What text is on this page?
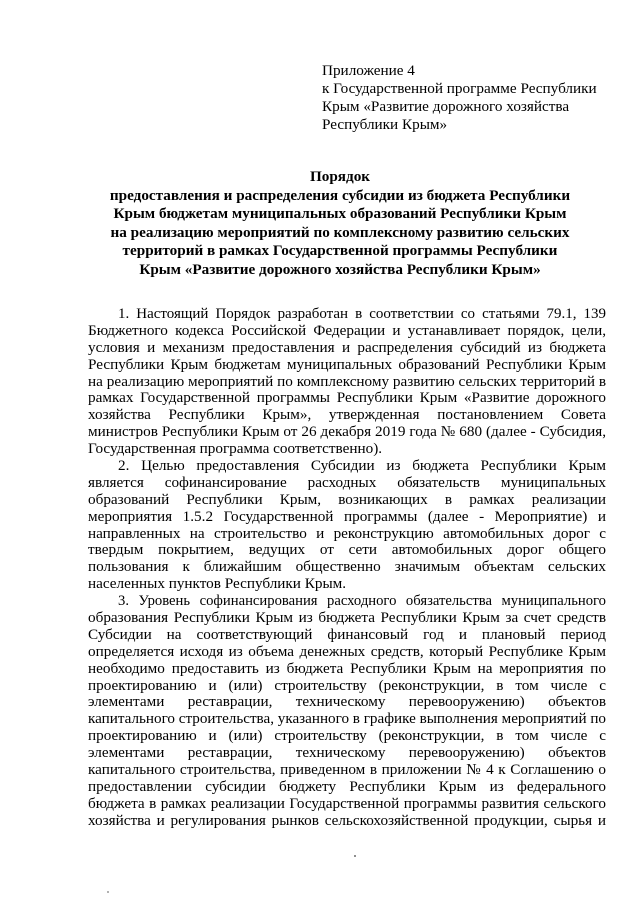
Приложение 4
к Государственной программе Республики
Крым «Развитие дорожного хозяйства
Республики Крым»
Порядок
предоставления и распределения субсидии из бюджета Республики
Крым бюджетам муниципальных образований Республики Крым
на реализацию мероприятий по комплексному развитию сельских
территорий в рамках Государственной программы Республики
Крым «Развитие дорожного хозяйства Республики Крым»
1. Настоящий Порядок разработан в соответствии со статьями 79.1, 139
Бюджетного кодекса Российской Федерации и устанавливает порядок, цели,
условия и механизм предоставления и распределения субсидий из бюджета
Республики Крым бюджетам муниципальных образований Республики Крым
на реализацию мероприятий по комплексному развитию сельских территорий в
рамках Государственной программы Республики Крым «Развитие дорожного
хозяйства Республики Крым», утвержденная постановлением Совета
министров Республики Крым от 26 декабря 2019 года № 680 (далее - Субсидия,
Государственная программа соответственно).
2. Целью предоставления Субсидии из бюджета Республики Крым
является софинансирование расходных обязательств муниципальных
образований Республики Крым, возникающих в рамках реализации
мероприятия 1.5.2 Государственной программы (далее - Мероприятие) и
направленных на строительство и реконструкцию автомобильных дорог с
твердым покрытием, ведущих от сети автомобильных дорог общего
пользования к ближайшим общественно значимым объектам сельских
населенных пунктов Республики Крым.
3. Уровень софинансирования расходного обязательства муниципального
образования Республики Крым из бюджета Республики Крым за счет средств
Субсидии на соответствующий финансовый год и плановый период
определяется исходя из объема денежных средств, который Республике Крым
необходимо предоставить из бюджета Республики Крым на мероприятия по
проектированию и (или) строительству (реконструкции, в том числе с
элементами реставрации, техническому перевооружению) объектов
капитального строительства, указанного в графике выполнения мероприятий по
проектированию и (или) строительству (реконструкции, в том числе с
элементами реставрации, техническому перевооружению) объектов
капитального строительства, приведенном в приложении № 4 к Соглашению о
предоставлении субсидии бюджету Республики Крым из федерального
бюджета в рамках реализации Государственной программы развития сельского
хозяйства и регулирования рынков сельскохозяйственной продукции, сырья и
